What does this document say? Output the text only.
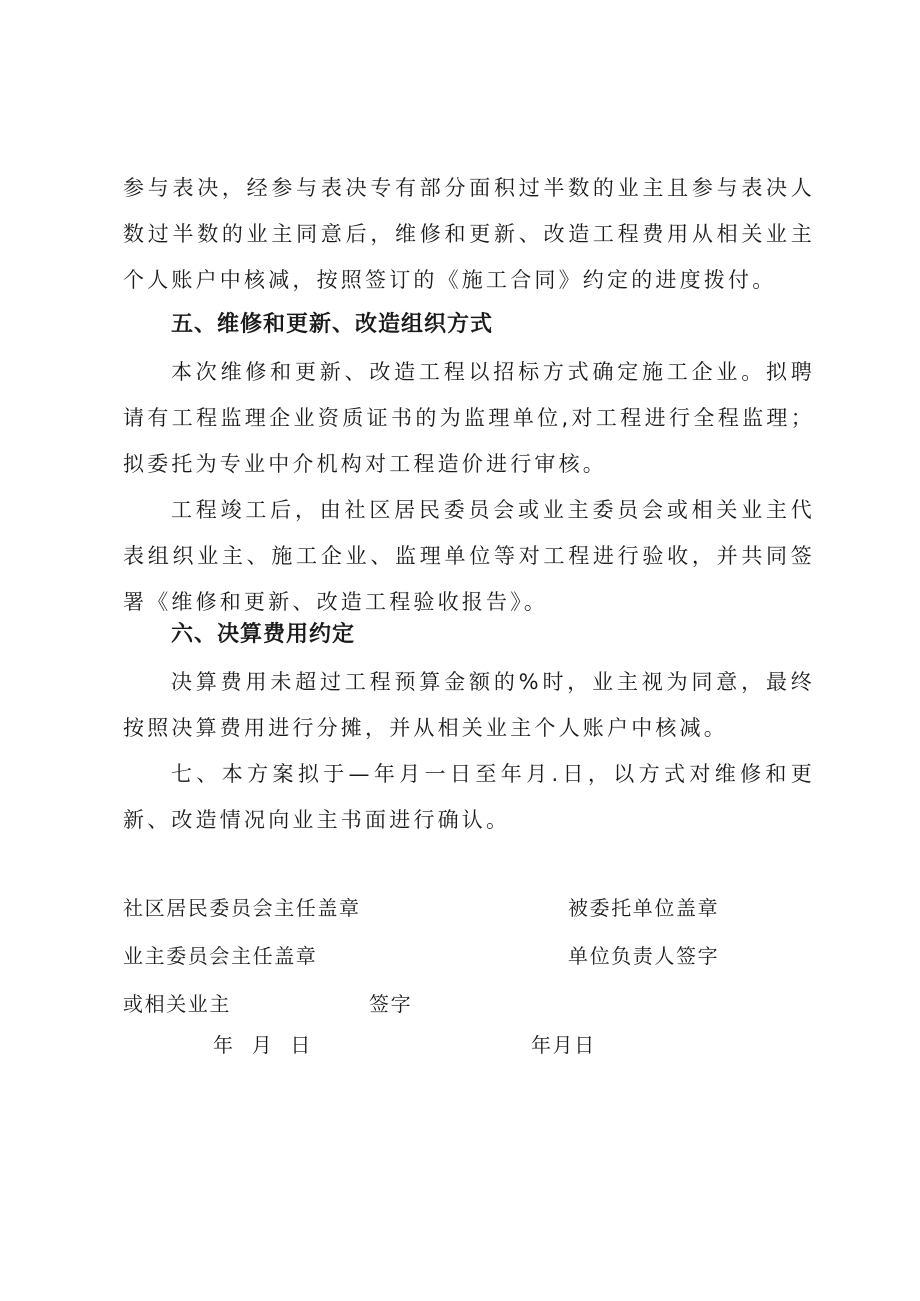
参与表决，经参与表决专有部分面积过半数的业主且参与表决人数过半数的业主同意后，维修和更新、改造工程费用从相关业主个人账户中核减，按照签订的《施工合同》约定的进度拨付。

五、维修和更新、改造组织方式

本次维修和更新、改造工程以招标方式确定施工企业。拟聘请有工程监理企业资质证书的为监理单位,对工程进行全程监理；拟委托为专业中介机构对工程造价进行审核。

工程竣工后，由社区居民委员会或业主委员会或相关业主代表组织业主、施工企业、监理单位等对工程进行验收，并共同签署《维修和更新、改造工程验收报告》。

六、决算费用约定

决算费用未超过工程预算金额的%时，业主视为同意，最终按照决算费用进行分摊，并从相关业主个人账户中核减。

七、本方案拟于—年月一日至年月.日，以方式对维修和更新、改造情况向业主书面进行确认。

社区居民委员会主任盖章	被委托单位盖章

业主委员会主任盖章	单位负责人签字

或相关业主	签字

年  月  日	年月日
